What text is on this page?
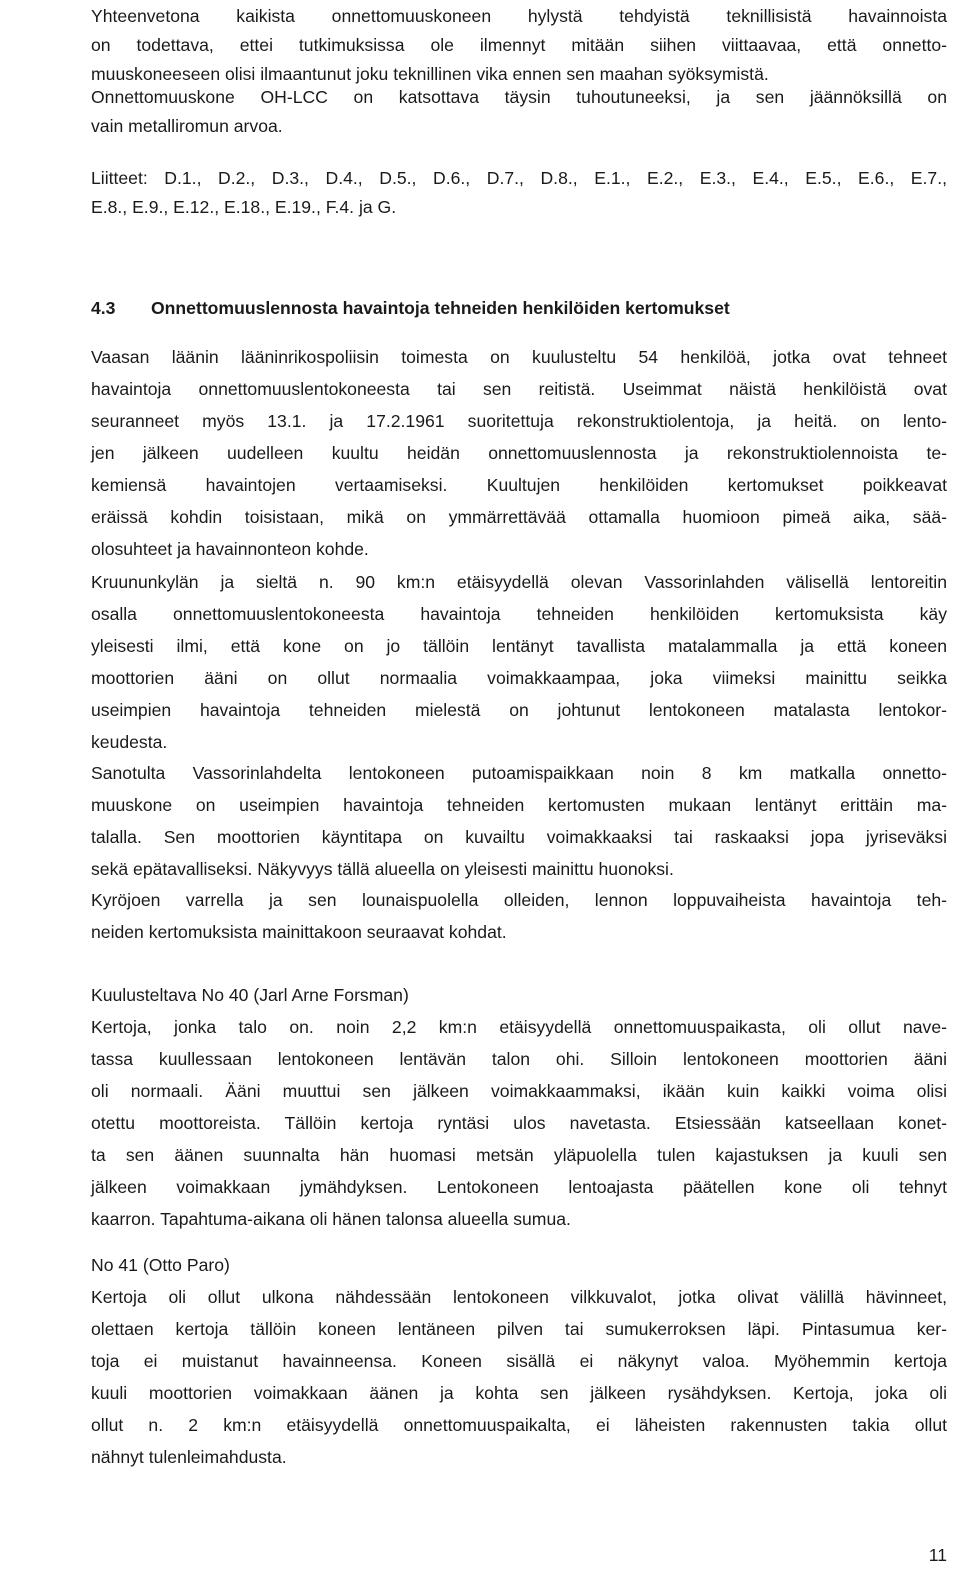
Yhteenvetona kaikista onnettomuuskoneen hylystä tehdyistä teknillisistä havainnoista
on todettava, ettei tutkimuksissa ole ilmennyt mitään siihen viittaavaa, että onnetto-
muuskoneeseen olisi ilmaantunut joku teknillinen vika ennen sen maahan syöksymistä.
Onnettomuuskone OH-LCC on katsottava täysin tuhoutuneeksi, ja sen jäännöksillä on
vain metalliromun arvoa.
Liitteet: D.1., D.2., D.3., D.4., D.5., D.6., D.7., D.8., E.1., E.2., E.3., E.4., E.5., E.6., E.7.,
E.8., E.9., E.12., E.18., E.19., F.4. ja G.
4.3 Onnettomuuslennosta havaintoja tehneiden henkilöiden kertomukset
Vaasan läänin lääninrikospoliisin toimesta on kuulusteltu 54 henkilöä, jotka ovat tehneet
havaintoja onnettomuuslentokoneesta tai sen reitistä. Useimmat näistä henkilöistä ovat
seuranneet myös 13.1. ja 17.2.1961 suoritettuja rekonstruktiolentoja, ja heitä. on lento-
jen jälkeen uudelleen kuultu heidän onnettomuuslennosta ja rekonstruktiolennoista te-
kemiensä havaintojen vertaamiseksi. Kuultujen henkilöiden kertomukset poikkeavat
eräissä kohdin toisistaan, mikä on ymmärrettävää ottamalla huomioon pimeä aika, sää-
olosuhteet ja havainnonteon kohde.
Kruununkylän ja sieltä n. 90 km:n etäisyydellä olevan Vassorinlahden välisellä lentoreitin
osalla onnettomuuslentokoneesta havaintoja tehneiden henkilöiden kertomuksista käy
yleisesti ilmi, että kone on jo tällöin lentänyt tavallista matalammalla ja että koneen
moottorien ääni on ollut normaalia voimakkaampaa, joka viimeksi mainittu seikka
useimpien havaintoja tehneiden mielestä on johtunut lentokoneen matalasta lentokor-
keudesta.
Sanotulta Vassorinlahdelta lentokoneen putoamispaikkaan noin 8 km matkalla onnetto-
muuskone on useimpien havaintoja tehneiden kertomusten mukaan lentänyt erittäin ma-
talalla. Sen moottorien käyntitapa on kuvailtu voimakkaaksi tai raskaaksi jopa jyriseväksi
sekä epätavalliseksi. Näkyvyys tällä alueella on yleisesti mainittu huonoksi.
Kyröjoen varrella ja sen lounaispuolella olleiden, lennon loppuvaiheista havaintoja teh-
neiden kertomuksista mainittakoon seuraavat kohdat.
Kuulusteltava No 40 (Jarl Arne Forsman)
Kertoja, jonka talo on. noin 2,2 km:n etäisyydellä onnettomuuspaikasta, oli ollut nave-
tassa kuullessaan lentokoneen lentävän talon ohi. Silloin lentokoneen moottorien ääni
oli normaali. Ääni muuttui sen jälkeen voimakkaammaksi, ikään kuin kaikki voima olisi
otettu moottoreista. Tällöin kertoja ryntäsi ulos navetasta. Etsiessään katseellaan konet-
ta sen äänen suunnalta hän huomasi metsän yläpuolella tulen kajastuksen ja kuuli sen
jälkeen voimakkaan jymähdyksen. Lentokoneen lentoajasta päätellen kone oli tehnyt
kaarron. Tapahtuma-aikana oli hänen talonsa alueella sumua.
No 41 (Otto Paro)
Kertoja oli ollut ulkona nähdessään lentokoneen vilkkuvalot, jotka olivat välillä hävinneet,
olettaen kertoja tällöin koneen lentäneen pilven tai sumukerroksen läpi. Pintasumua ker-
toja ei muistanut havainneensa. Koneen sisällä ei näkynyt valoa. Myöhemmin kertoja
kuuli moottorien voimakkaan äänen ja kohta sen jälkeen rysähdyksen. Kertoja, joka oli
ollut n. 2 km:n etäisyydellä onnettomuuspaikalta, ei läheisten rakennusten takia ollut
nähnyt tulenleimahdusta.
11
